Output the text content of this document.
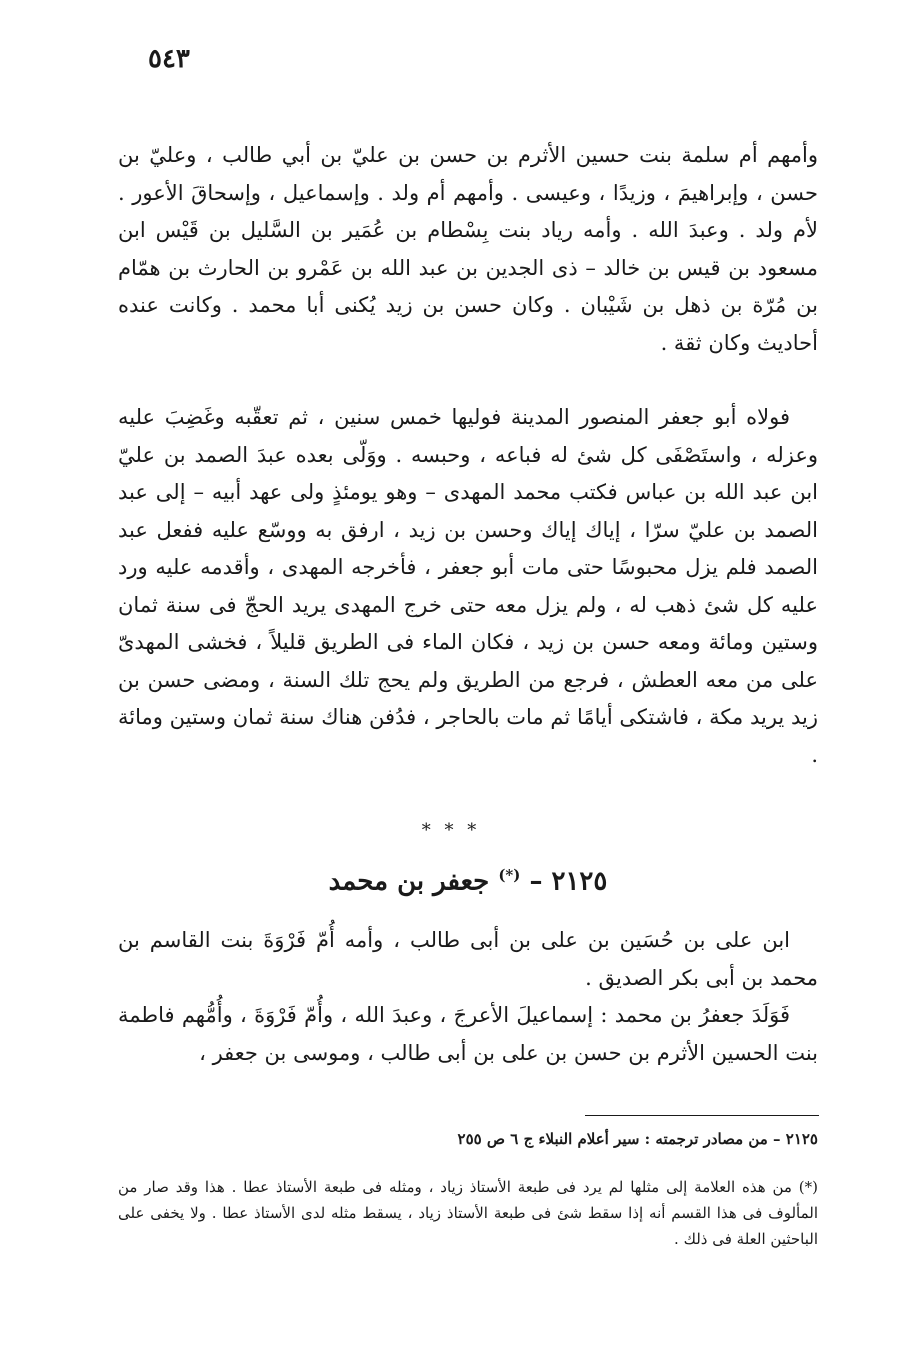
٥٤٣

وأمهم أم سلمة بنت حسين الأثرم بن حسن بن عليّ بن أبي طالب ، وعليّ بن حسن ، وإبراهيمَ ، وزيدًا ، وعيسى . وأمهم أم ولد . وإسماعيل ، وإسحاقَ الأعور . لأم ولد . وعبدَ الله . وأمه رياد بنت بِسْطام بن عُمَير بن السَّليل بن قَيْس ابن مسعود بن قيس بن خالد – ذى الجدين بن عبد الله بن عَمْرو بن الحارث بن همّام بن مُرّة بن ذهل بن شَيْبان . وكان حسن بن زيد يُكنى أبا محمد . وكانت عنده أحاديث وكان ثقة .

فولاه أبو جعفر المنصور المدينة فوليها خمس سنين ، ثم تعقّبه وغَضِبَ عليه وعزله ، واستَصْفَى كل شئ له فباعه ، وحبسه . ووَلّى بعده عبدَ الصمد بن عليّ ابن عبد الله بن عباس فكتب محمد المهدى – وهو يومئذٍ ولى عهد أبيه – إلى عبد الصمد بن عليّ سرّا ، إياك إياك وحسن بن زيد ، ارفق به ووسّع عليه ففعل عبد الصمد فلم يزل محبوسًا حتى مات أبو جعفر ، فأخرجه المهدى ، وأقدمه عليه ورد عليه كل شئ ذهب له ، ولم يزل معه حتى خرج المهدى يريد الحجّ فى سنة ثمان وستين ومائة ومعه حسن بن زيد ، فكان الماء فى الطريق قليلاً ، فخشى المهدىّ على من معه العطش ، فرجع من الطريق ولم يحج تلك السنة ، ومضى حسن بن زيد يريد مكة ، فاشتكى أيامًا ثم مات بالحاجر ، فدُفن هناك سنة ثمان وستين ومائة .

* * *
٢١٢٥ – (*) جعفر بن محمد

ابن على بن حُسَين بن على بن أبى طالب ، وأمه أُمّ فَرْوَةَ بنت القاسم بن محمد بن أبى بكر الصديق .

فَوَلَدَ جعفرُ بن محمد : إسماعيلَ الأعرجَ ، وعبدَ الله ، وأُمّ فَرْوَةَ ، وأُمُّهم فاطمة بنت الحسين الأثرم بن حسن بن على بن أبى طالب ، وموسى بن جعفر ،

٢١٢٥ – من مصادر ترجمته : سير أعلام النبلاء ج ٦ ص ٢٥٥

(*) من هذه العلامة إلى مثلها لم يرد فى طبعة الأستاذ زياد ، ومثله فى طبعة الأستاذ عطا . هذا وقد صار من المألوف فى هذا القسم أنه إذا سقط شئ فى طبعة الأستاذ زياد ، يسقط مثله لدى الأستاذ عطا . ولا يخفى على الباحثين العلة فى ذلك .
